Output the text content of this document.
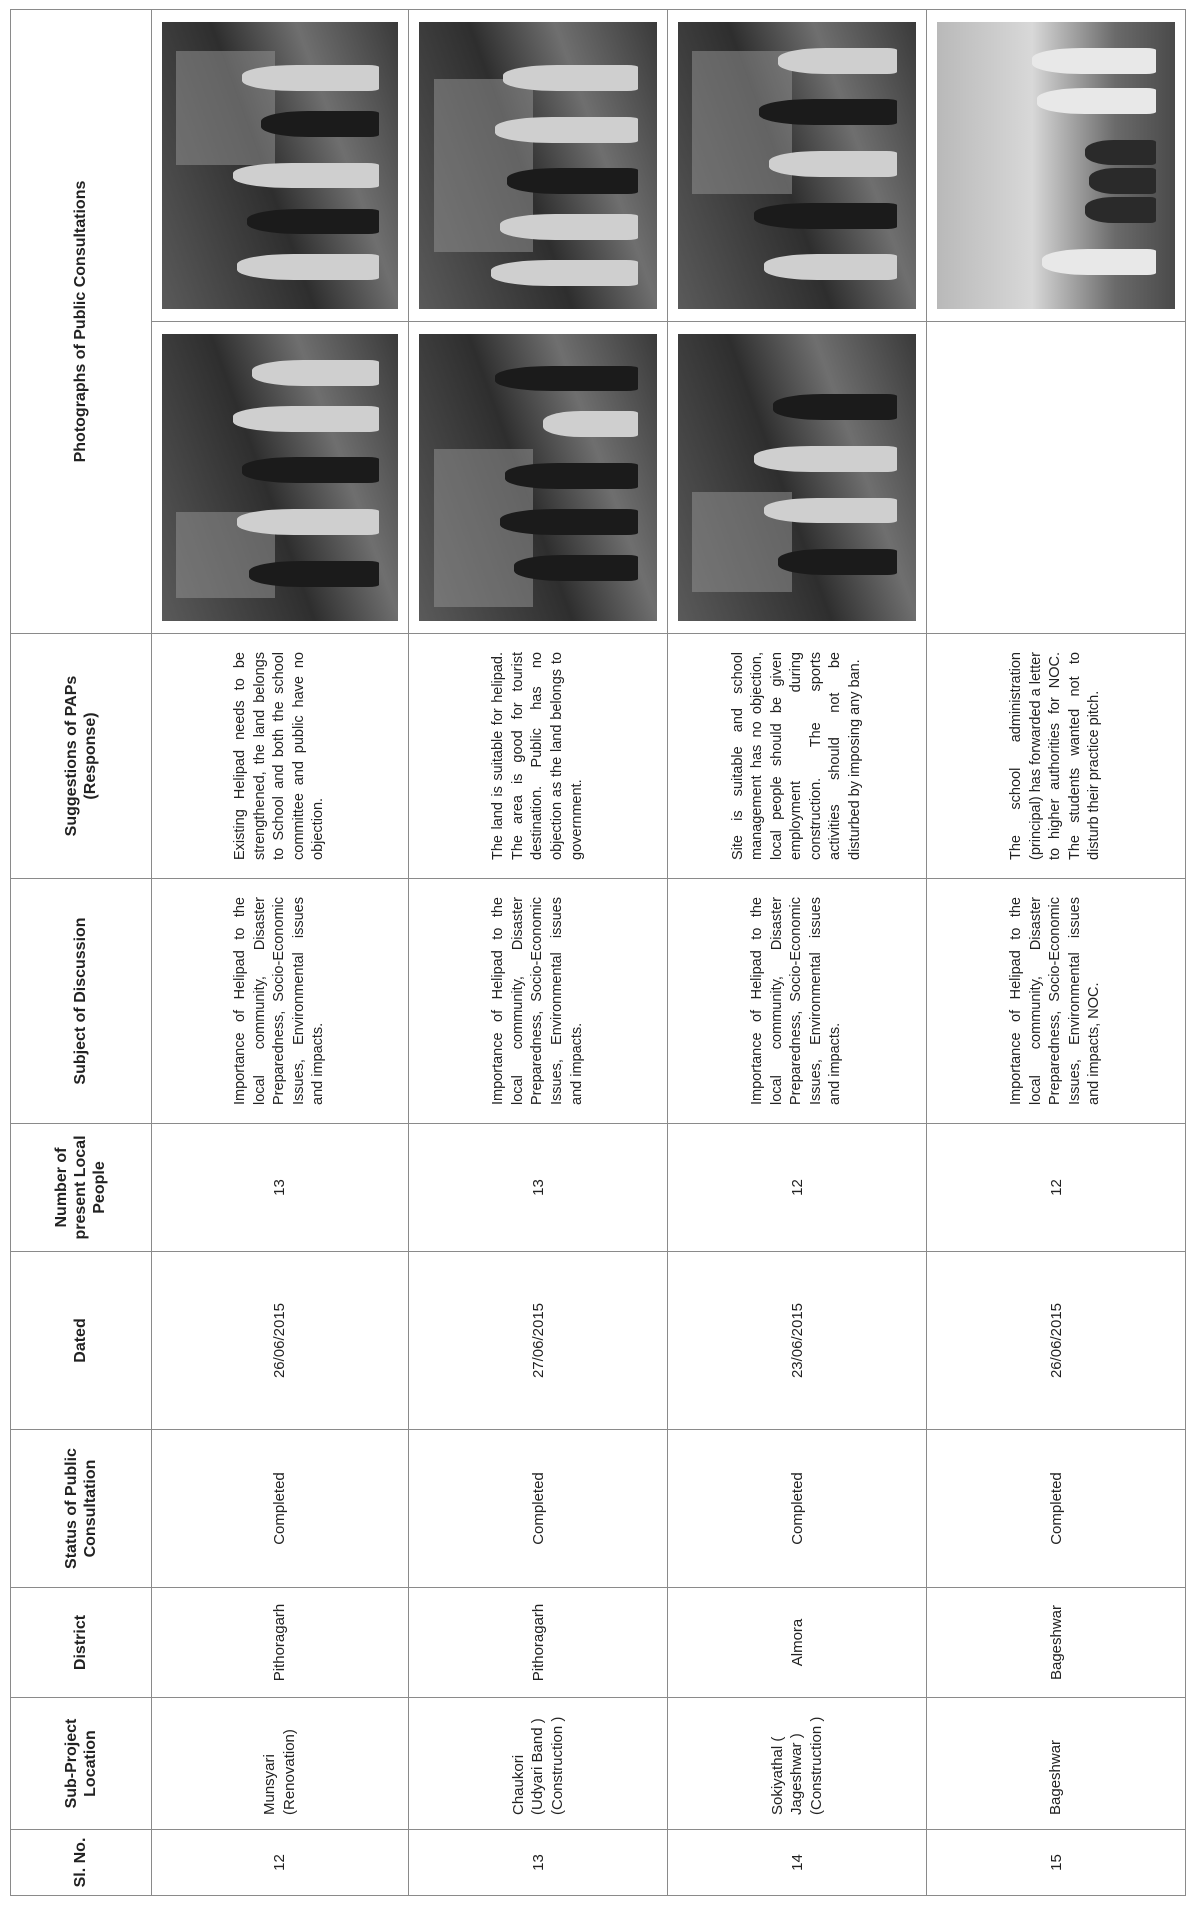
Sl. No.	Sub-Project Location	District	Status of Public Consultation	Dated	Number of present Local People	Subject of Discussion	Suggestions of PAPs (Response)	Photographs of Public Consultations	
12	Munsyari (Renovation)	Pithoragarh	Completed	26/06/2015	13	Importance of Helipad to the local community, Disaster Preparedness, Socio-Economic Issues, Environmental issues and impacts.	Existing Helipad needs to be strengthened, the land belongs to School and both the school committee and public have no objection.	

13	Chaukori (Udyari Band ) (Construction )	Pithoragarh	Completed	27/06/2015	13	Importance of Helipad to the local community, Disaster Preparedness, Socio-Economic Issues, Environmental issues and impacts.	The land is suitable for helipad. The area is good for tourist destination. Public has no objection as the land belongs to government.	

14	Sokiyathal ( Jageshwar ) (Construction )	Almora	Completed	23/06/2015	12	Importance of Helipad to the local community, Disaster Preparedness, Socio-Economic Issues, Environmental issues and impacts.	Site is suitable and school management has no objection, local people should be given employment during construction. The sports activities should not be disturbed by imposing any ban.	

15	Bageshwar	Bageshwar	Completed	26/06/2015	12	Importance of Helipad to the local community, Disaster Preparedness, Socio-Economic Issues, Environmental issues and impacts, NOC.	The school administration (principal) has forwarded a letter to higher authorities for NOC. The students wanted not to disturb their practice pitch.	
